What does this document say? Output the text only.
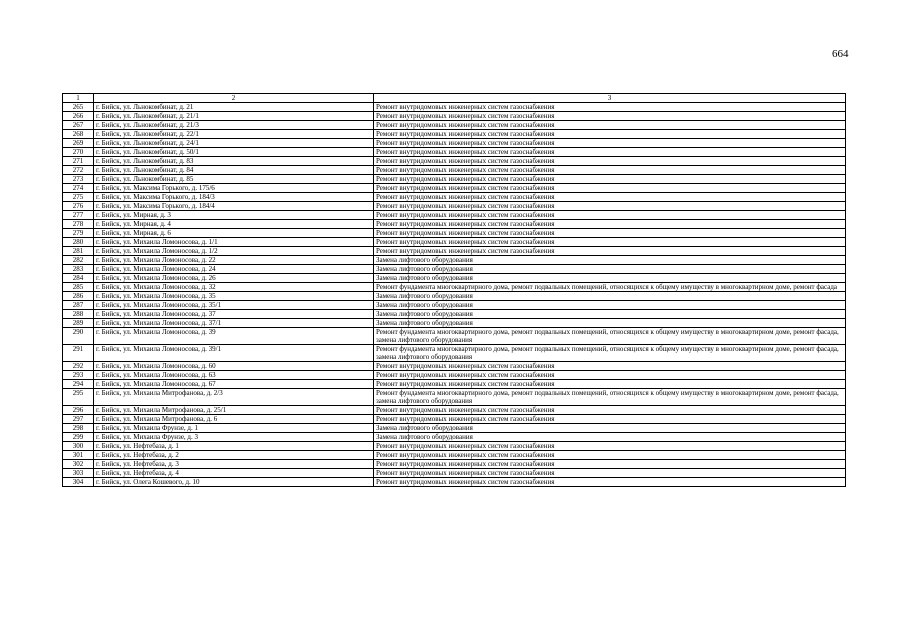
664
1	2	3
265	г. Бийск, ул. Льнокомбинат, д. 21	Ремонт внутридомовых инженерных систем газоснабжения
266	г. Бийск, ул. Льнокомбинат, д. 21/1	Ремонт внутридомовых инженерных систем газоснабжения
267	г. Бийск, ул. Льнокомбинат, д. 21/3	Ремонт внутридомовых инженерных систем газоснабжения
268	г. Бийск, ул. Льнокомбинат, д. 22/1	Ремонт внутридомовых инженерных систем газоснабжения
269	г. Бийск, ул. Льнокомбинат, д. 24/1	Ремонт внутридомовых инженерных систем газоснабжения
270	г. Бийск, ул. Льнокомбинат, д. 50/1	Ремонт внутридомовых инженерных систем газоснабжения
271	г. Бийск, ул. Льнокомбинат, д. 83	Ремонт внутридомовых инженерных систем газоснабжения
272	г. Бийск, ул. Льнокомбинат, д. 84	Ремонт внутридомовых инженерных систем газоснабжения
273	г. Бийск, ул. Льнокомбинат, д. 85	Ремонт внутридомовых инженерных систем газоснабжения
274	г. Бийск, ул. Максима Горького, д. 175/6	Ремонт внутридомовых инженерных систем газоснабжения
275	г. Бийск, ул. Максима Горького, д. 184/3	Ремонт внутридомовых инженерных систем газоснабжения
276	г. Бийск, ул. Максима Горького, д. 184/4	Ремонт внутридомовых инженерных систем газоснабжения
277	г. Бийск, ул. Мирная, д. 3	Ремонт внутридомовых инженерных систем газоснабжения
278	г. Бийск, ул. Мирная, д. 4	Ремонт внутридомовых инженерных систем газоснабжения
279	г. Бийск, ул. Мирная, д. 6	Ремонт внутридомовых инженерных систем газоснабжения
280	г. Бийск, ул. Михаила Ломоносова, д. 1/1	Ремонт внутридомовых инженерных систем газоснабжения
281	г. Бийск, ул. Михаила Ломоносова, д. 1/2	Ремонт внутридомовых инженерных систем газоснабжения
282	г. Бийск, ул. Михаила Ломоносова, д. 22	Замена лифтового оборудования
283	г. Бийск, ул. Михаила Ломоносова, д. 24	Замена лифтового оборудования
284	г. Бийск, ул. Михаила Ломоносова, д. 26	Замена лифтового оборудования
285	г. Бийск, ул. Михаила Ломоносова, д. 32	Ремонт фундамента многоквартирного дома, ремонт подвальных помещений, относящихся к общему имуществу в многоквартирном доме, ремонт фасада
286	г. Бийск, ул. Михаила Ломоносова, д. 35	Замена лифтового оборудования
287	г. Бийск, ул. Михаила Ломоносова, д. 35/1	Замена лифтового оборудования
288	г. Бийск, ул. Михаила Ломоносова, д. 37	Замена лифтового оборудования
289	г. Бийск, ул. Михаила Ломоносова, д. 37/1	Замена лифтового оборудования
290	г. Бийск, ул. Михаила Ломоносова, д. 39	Ремонт фундамента многоквартирного дома, ремонт подвальных помещений, относящихся к общему имуществу в многоквартирном доме, ремонт фасада, замена лифтового оборудования
291	г. Бийск, ул. Михаила Ломоносова, д. 39/1	Ремонт фундамента многоквартирного дома, ремонт подвальных помещений, относящихся к общему имуществу в многоквартирном доме, ремонт фасада, замена лифтового оборудования
292	г. Бийск, ул. Михаила Ломоносова, д. 60	Ремонт внутридомовых инженерных систем газоснабжения
293	г. Бийск, ул. Михаила Ломоносова, д. 63	Ремонт внутридомовых инженерных систем газоснабжения
294	г. Бийск, ул. Михаила Ломоносова, д. 67	Ремонт внутридомовых инженерных систем газоснабжения
295	г. Бийск, ул. Михаила Митрофанова, д. 2/3	Ремонт фундамента многоквартирного дома, ремонт подвальных помещений, относящихся к общему имуществу в многоквартирном доме, ремонт фасада, замена лифтового оборудования
296	г. Бийск, ул. Михаила Митрофанова, д. 25/1	Ремонт внутридомовых инженерных систем газоснабжения
297	г. Бийск, ул. Михаила Митрофанова, д. 6	Ремонт внутридомовых инженерных систем газоснабжения
298	г. Бийск, ул. Михаила Фрунзе, д. 1	Замена лифтового оборудования
299	г. Бийск, ул. Михаила Фрунзе, д. 3	Замена лифтового оборудования
300	г. Бийск, ул. Нефтебаза, д. 1	Ремонт внутридомовых инженерных систем газоснабжения
301	г. Бийск, ул. Нефтебаза, д. 2	Ремонт внутридомовых инженерных систем газоснабжения
302	г. Бийск, ул. Нефтебаза, д. 3	Ремонт внутридомовых инженерных систем газоснабжения
303	г. Бийск, ул. Нефтебаза, д. 4	Ремонт внутридомовых инженерных систем газоснабжения
304	г. Бийск, ул. Олега Кошевого, д. 10	Ремонт внутридомовых инженерных систем газоснабжения
